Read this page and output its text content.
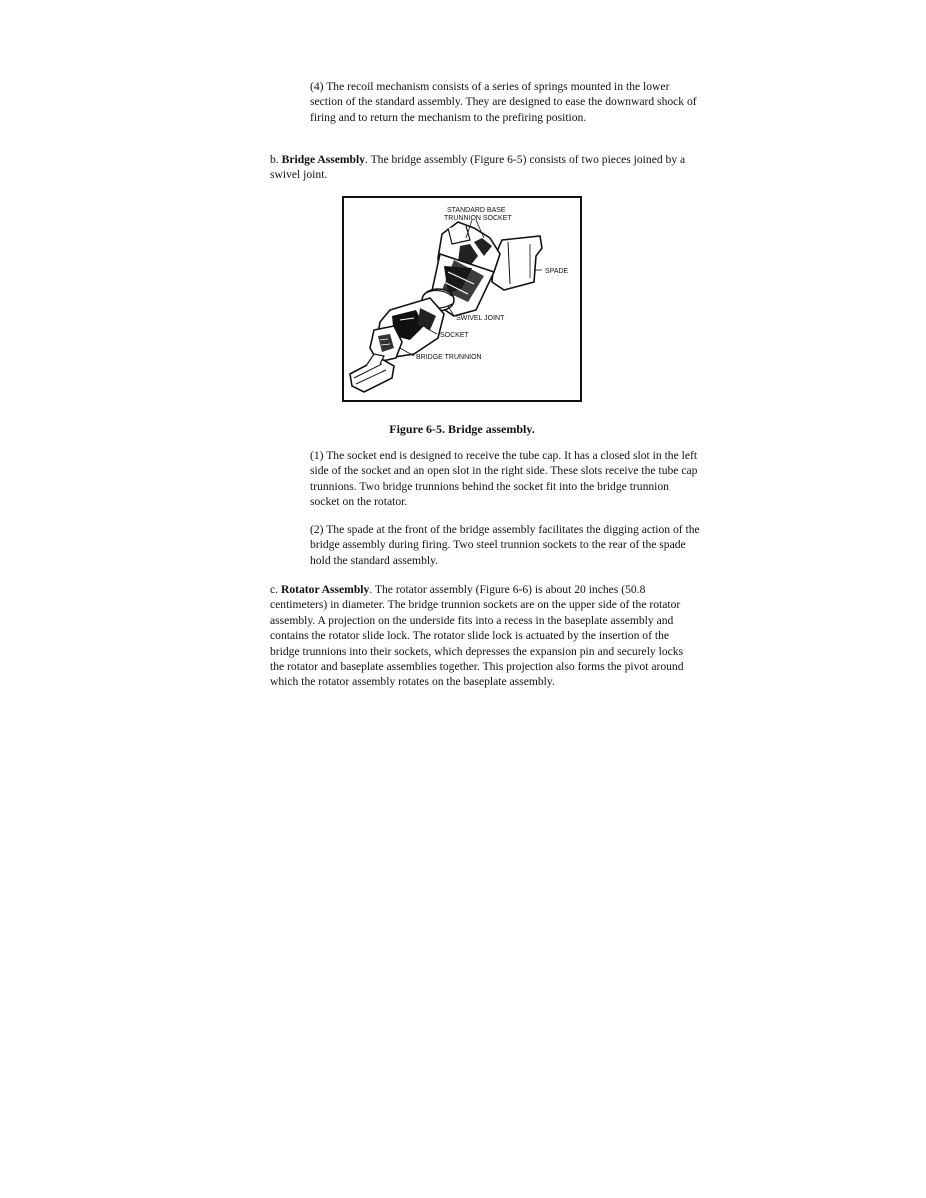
(4) The recoil mechanism consists of a series of springs mounted in the lower section of the standard assembly. They are designed to ease the downward shock of firing and to return the mechanism to the prefiring position.

b. Bridge Assembly. The bridge assembly (Figure 6-5) consists of two pieces joined by a swivel joint.

STANDARD BASE
TRUNNION SOCKET
SPADE
SWIVEL JOINT
SOCKET
BRIDGE TRUNNION
Figure 6-5. Bridge assembly.

(1) The socket end is designed to receive the tube cap. It has a closed slot in the left side of the socket and an open slot in the right side. These slots receive the tube cap trunnions. Two bridge trunnions behind the socket fit into the bridge trunnion socket on the rotator.

(2) The spade at the front of the bridge assembly facilitates the digging action of the bridge assembly during firing. Two steel trunnion sockets to the rear of the spade hold the standard assembly.

c. Rotator Assembly. The rotator assembly (Figure 6-6) is about 20 inches (50.8 centimeters) in diameter. The bridge trunnion sockets are on the upper side of the rotator assembly. A projection on the underside fits into a recess in the baseplate assembly and contains the rotator slide lock. The rotator slide lock is actuated by the insertion of the bridge trunnions into their sockets, which depresses the expansion pin and securely locks the rotator and baseplate assemblies together. This projection also forms the pivot around which the rotator assembly rotates on the baseplate assembly.
